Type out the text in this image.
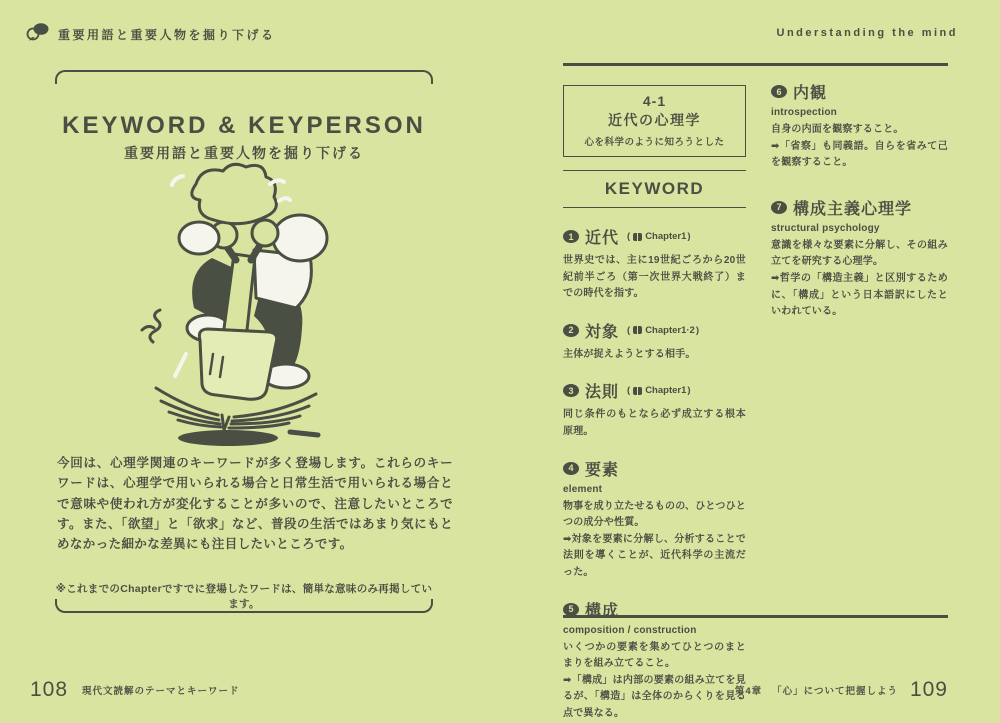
重要用語と重要人物を掘り下げる	Understanding the mind
KEYWORD & KEYPERSON
重要用語と重要人物を掘り下げる
今回は、心理学関連のキーワードが多く登場します。これらのキーワードは、心理学で用いられる場合と日常生活で用いられる場合とで意味や使われ方が変化することが多いので、注意したいところです。また、「欲望」と「欲求」など、普段の生活ではあまり気にもとめなかった細かな差異にも注目したいところです。
※これまでのChapterですでに登場したワードは、簡単な意味のみ再掲しています。
4-1
近代の心理学
心を科学のように知ろうとした
KEYWORD
1 近代 ( Chapter1 )

世界史では、主に19世紀ごろから20世紀前半ごろ（第一次世界大戦終了）までの時代を指す。

2 対象 ( Chapter1·2 )

主体が捉えようとする相手。

3 法則 ( Chapter1 )

同じ条件のもとなら必ず成立する根本原理。

4 要素
element

物事を成り立たせるものの、ひとつひとつの成分や性質。

➡対象を要素に分解し、分析することで法則を導くことが、近代科学の主流だった。

5 構成
composition / construction

いくつかの要素を集めてひとつのまとまりを組み立てること。

➡「構成」は内部の要素の組み立てを見るが、「構造」は全体のからくりを見る点で異なる。

6 内観
introspection

自身の内面を観察すること。

➡「省察」も同義語。自らを省みて己を観察すること。

7 構成主義心理学
structural psychology

意識を様々な要素に分解し、その組み立てを研究する心理学。

➡哲学の「構造主義」と区別するために、「構成」という日本語訳にしたといわれている。

108 現代文読解のテーマとキーワード	第4章 「心」について把握しよう 109
